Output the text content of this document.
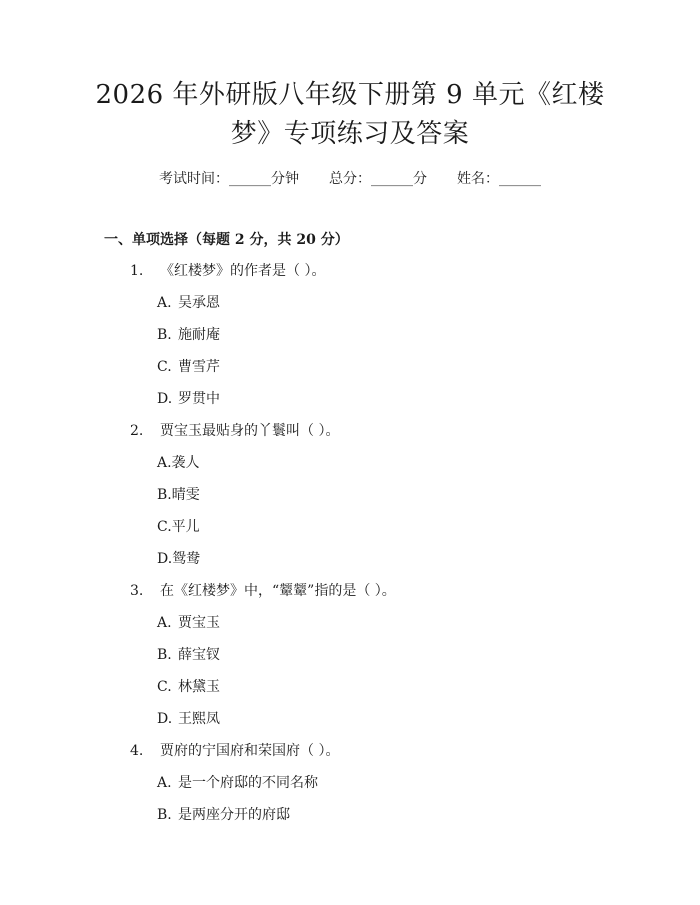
2026 年外研版八年级下册第 9 单元《红楼
梦》专项练习及答案
考试时间：______分钟 总分：______分 姓名：______
一、单项选择（每题 2 分，共 20 分）
1. 《红楼梦》的作者是（ ）。
A. 吴承恩
B. 施耐庵
C. 曹雪芹
D. 罗贯中
2. 贾宝玉最贴身的丫鬟叫（ ）。
A.袭人
B.晴雯
C.平儿
D.鸳鸯
3. 在《红楼梦》中，“颦颦”指的是（ ）。
A. 贾宝玉
B. 薛宝钗
C. 林黛玉
D. 王熙凤
4. 贾府的宁国府和荣国府（ ）。
A. 是一个府邸的不同名称
B. 是两座分开的府邸
